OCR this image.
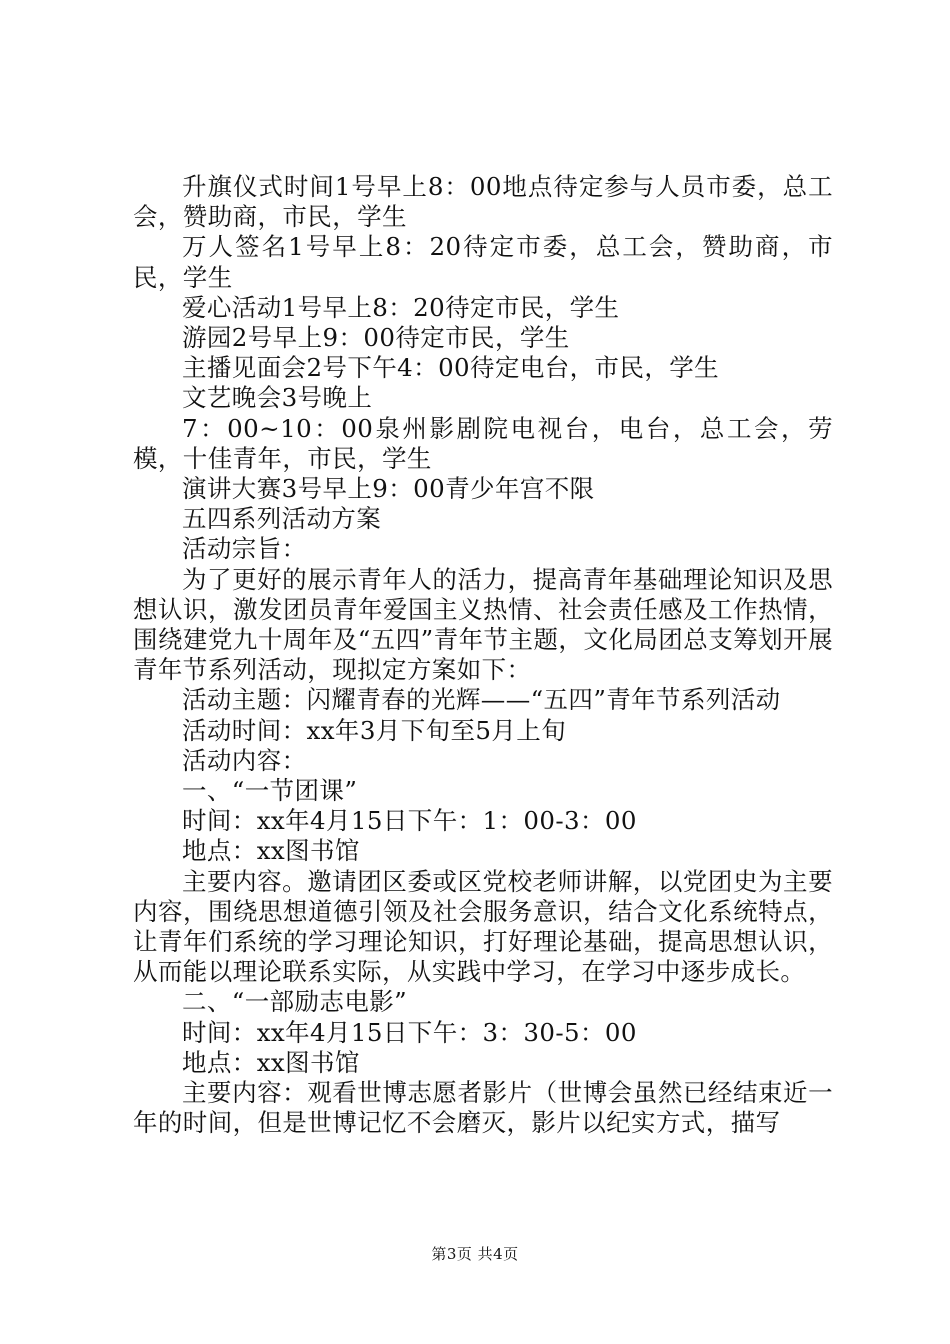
升旗仪式时间1号早上8：00地点待定参与人员市委，总工会，赞助商，市民，学生

万人签名1号早上8：20待定市委，总工会，赞助商，市民，学生

爱心活动1号早上8：20待定市民，学生

游园2号早上9：00待定市民，学生

主播见面会2号下午4：00待定电台，市民，学生

文艺晚会3号晚上

7：00~10：00泉州影剧院电视台，电台，总工会，劳模，十佳青年，市民，学生

演讲大赛3号早上9：00青少年宫不限

五四系列活动方案

活动宗旨：

为了更好的展示青年人的活力，提高青年基础理论知识及思想认识，激发团员青年爱国主义热情、社会责任感及工作热情，围绕建党九十周年及“五四”青年节主题，文化局团总支筹划开展青年节系列活动，现拟定方案如下：

活动主题：闪耀青春的光辉——“五四”青年节系列活动

活动时间：xx年3月下旬至5月上旬

活动内容：

一、“一节团课”

时间：xx年4月15日下午：1：00-3：00

地点：xx图书馆

主要内容。邀请团区委或区党校老师讲解，以党团史为主要内容，围绕思想道德引领及社会服务意识，结合文化系统特点，让青年们系统的学习理论知识，打好理论基础，提高思想认识，从而能以理论联系实际，从实践中学习，在学习中逐步成长。

二、“一部励志电影”

时间：xx年4月15日下午：3：30-5：00

地点：xx图书馆

主要内容：观看世博志愿者影片（世博会虽然已经结束近一年的时间，但是世博记忆不会磨灭，影片以纪实方式，描写

第3页 共4页
